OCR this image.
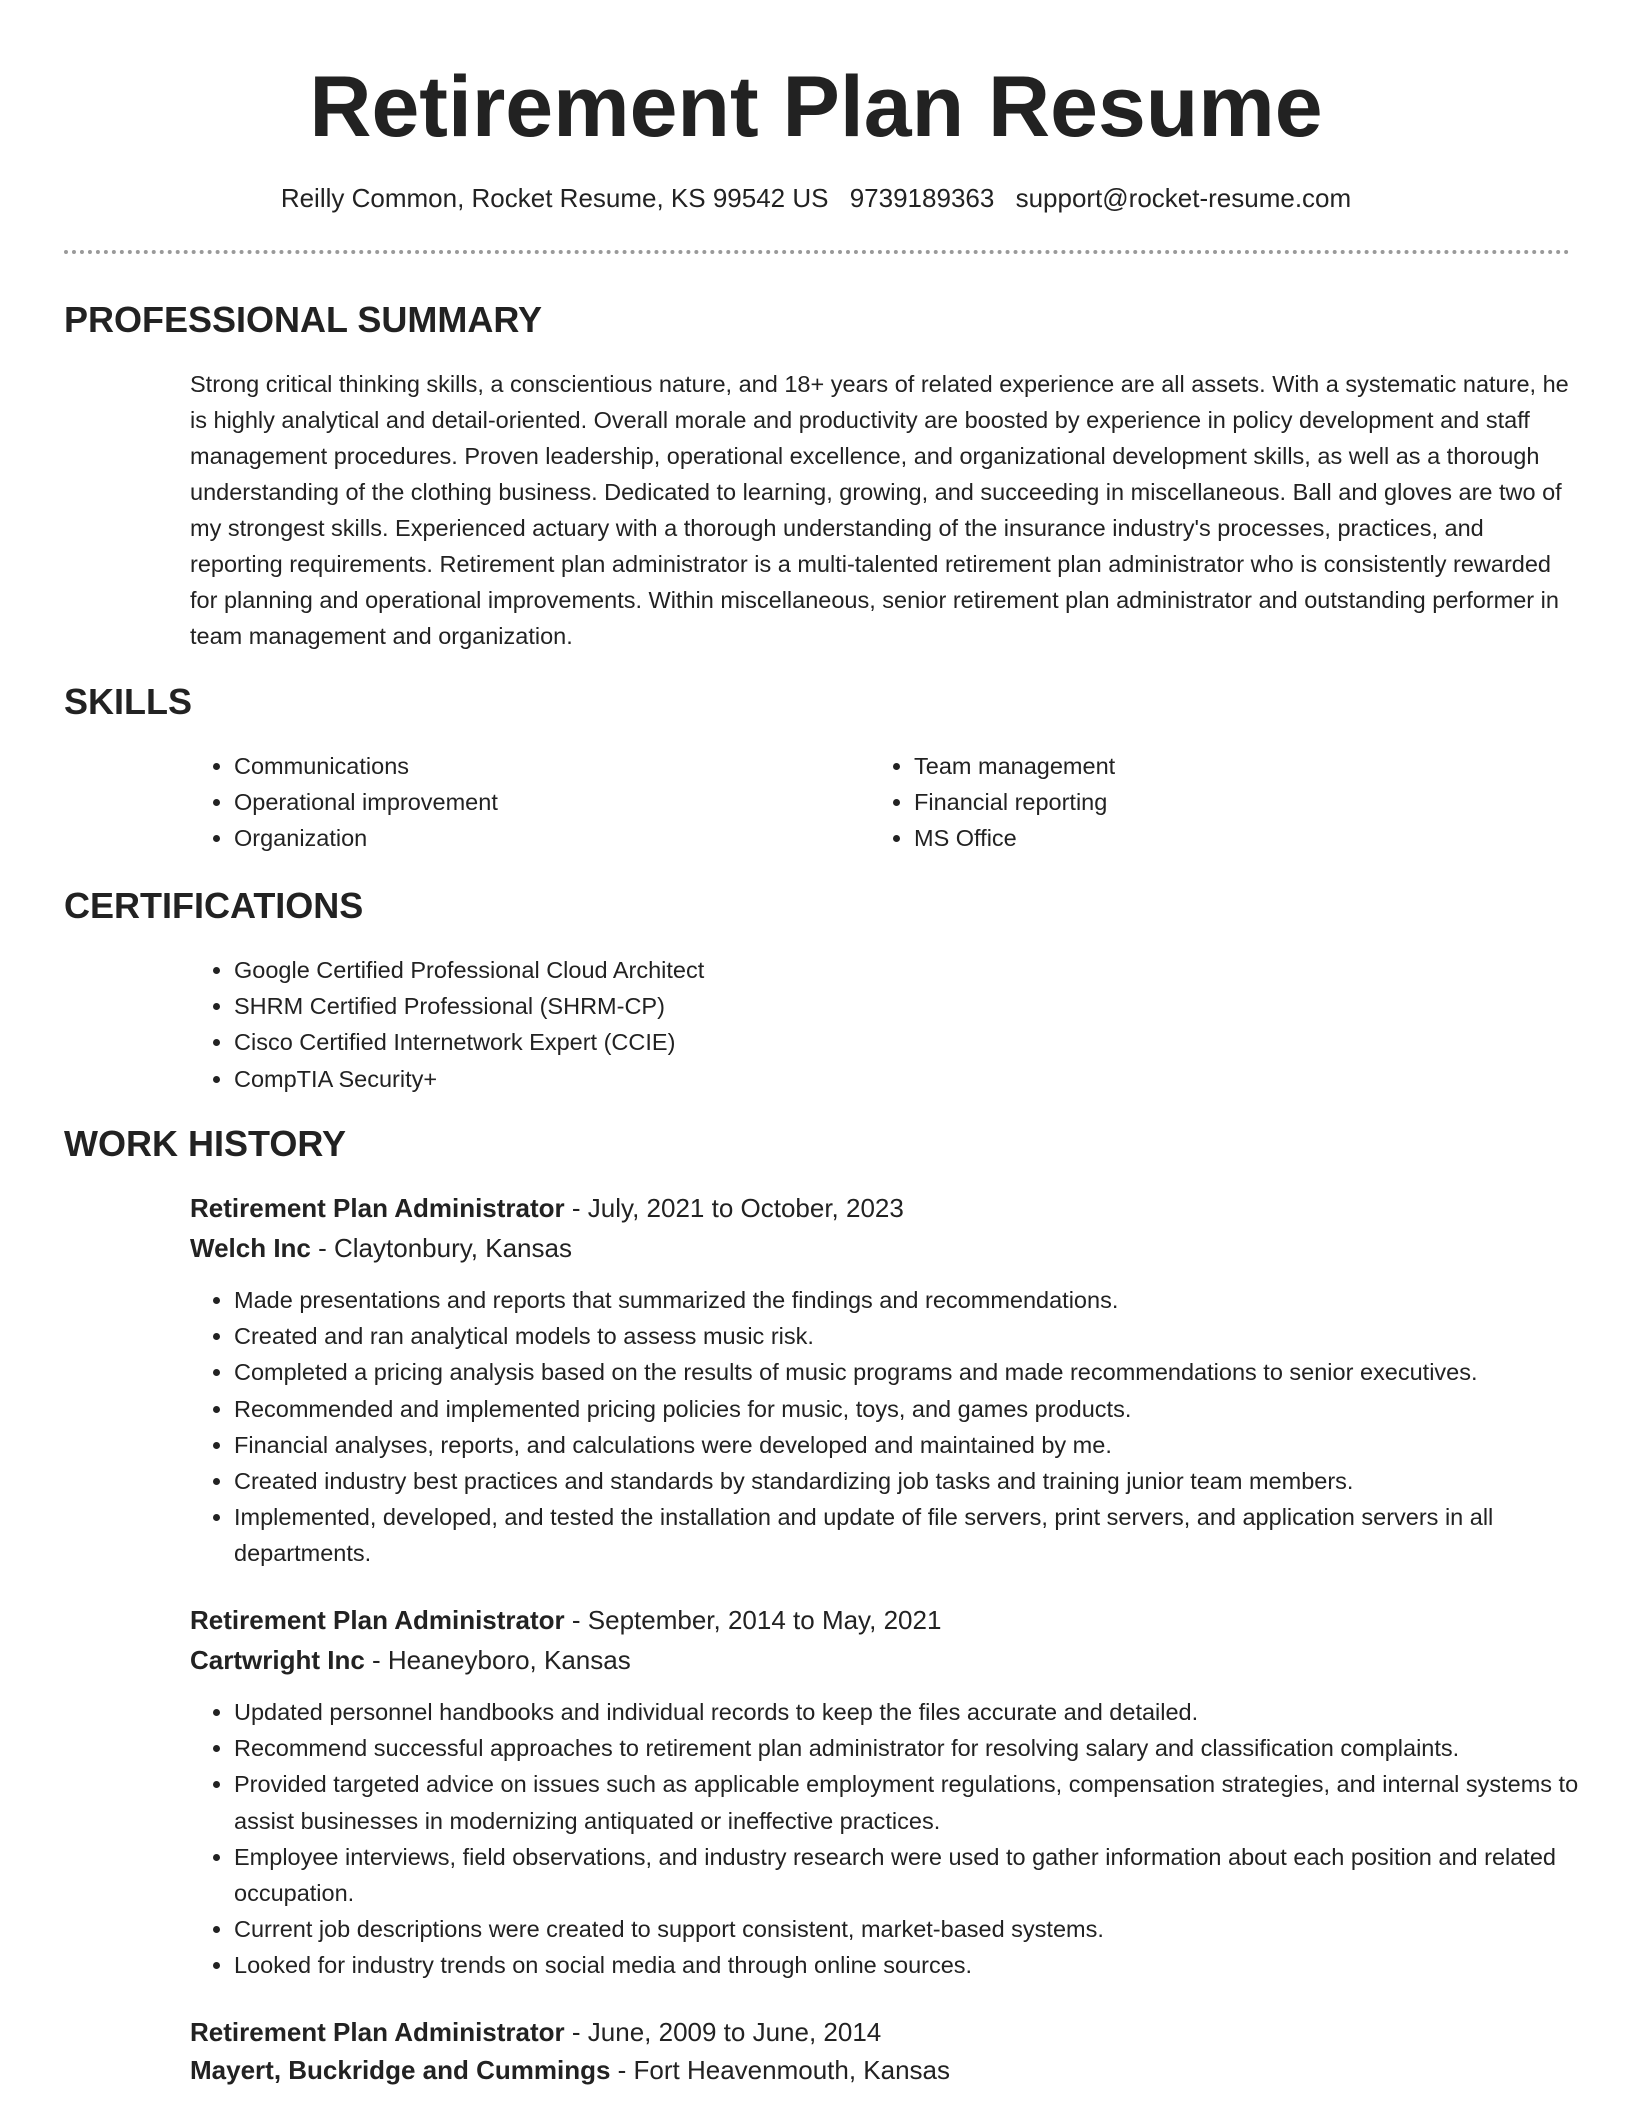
Retirement Plan Resume
Reilly Common, Rocket Resume, KS 99542 US 9739189363 support@rocket-resume.com
PROFESSIONAL SUMMARY

Strong critical thinking skills, a conscientious nature, and 18+ years of related experience are all assets. With a systematic nature, he is highly analytical and detail-oriented. Overall morale and productivity are boosted by experience in policy development and staff management procedures. Proven leadership, operational excellence, and organizational development skills, as well as a thorough understanding of the clothing business. Dedicated to learning, growing, and succeeding in miscellaneous. Ball and gloves are two of my strongest skills. Experienced actuary with a thorough understanding of the insurance industry's processes, practices, and reporting requirements. Retirement plan administrator is a multi-talented retirement plan administrator who is consistently rewarded for planning and operational improvements. Within miscellaneous, senior retirement plan administrator and outstanding performer in team management and organization.

SKILLS
• Communications
• Operational improvement
• Organization
• Team management
• Financial reporting
• MS Office
CERTIFICATIONS
• Google Certified Professional Cloud Architect
• SHRM Certified Professional (SHRM-CP)
• Cisco Certified Internetwork Expert (CCIE)
• CompTIA Security+
WORK HISTORY
Retirement Plan Administrator - July, 2021 to October, 2023
Welch Inc - Claytonbury, Kansas
• Made presentations and reports that summarized the findings and recommendations.
• Created and ran analytical models to assess music risk.
• Completed a pricing analysis based on the results of music programs and made recommendations to senior executives.
• Recommended and implemented pricing policies for music, toys, and games products.
• Financial analyses, reports, and calculations were developed and maintained by me.
• Created industry best practices and standards by standardizing job tasks and training junior team members.
• Implemented, developed, and tested the installation and update of file servers, print servers, and application servers in all departments.
Retirement Plan Administrator - September, 2014 to May, 2021
Cartwright Inc - Heaneyboro, Kansas
• Updated personnel handbooks and individual records to keep the files accurate and detailed.
• Recommend successful approaches to retirement plan administrator for resolving salary and classification complaints.
• Provided targeted advice on issues such as applicable employment regulations, compensation strategies, and internal systems to assist businesses in modernizing antiquated or ineffective practices.
• Employee interviews, field observations, and industry research were used to gather information about each position and related occupation.
• Current job descriptions were created to support consistent, market-based systems.
• Looked for industry trends on social media and through online sources.
Retirement Plan Administrator - June, 2009 to June, 2014
Mayert, Buckridge and Cummings - Fort Heavenmouth, Kansas
